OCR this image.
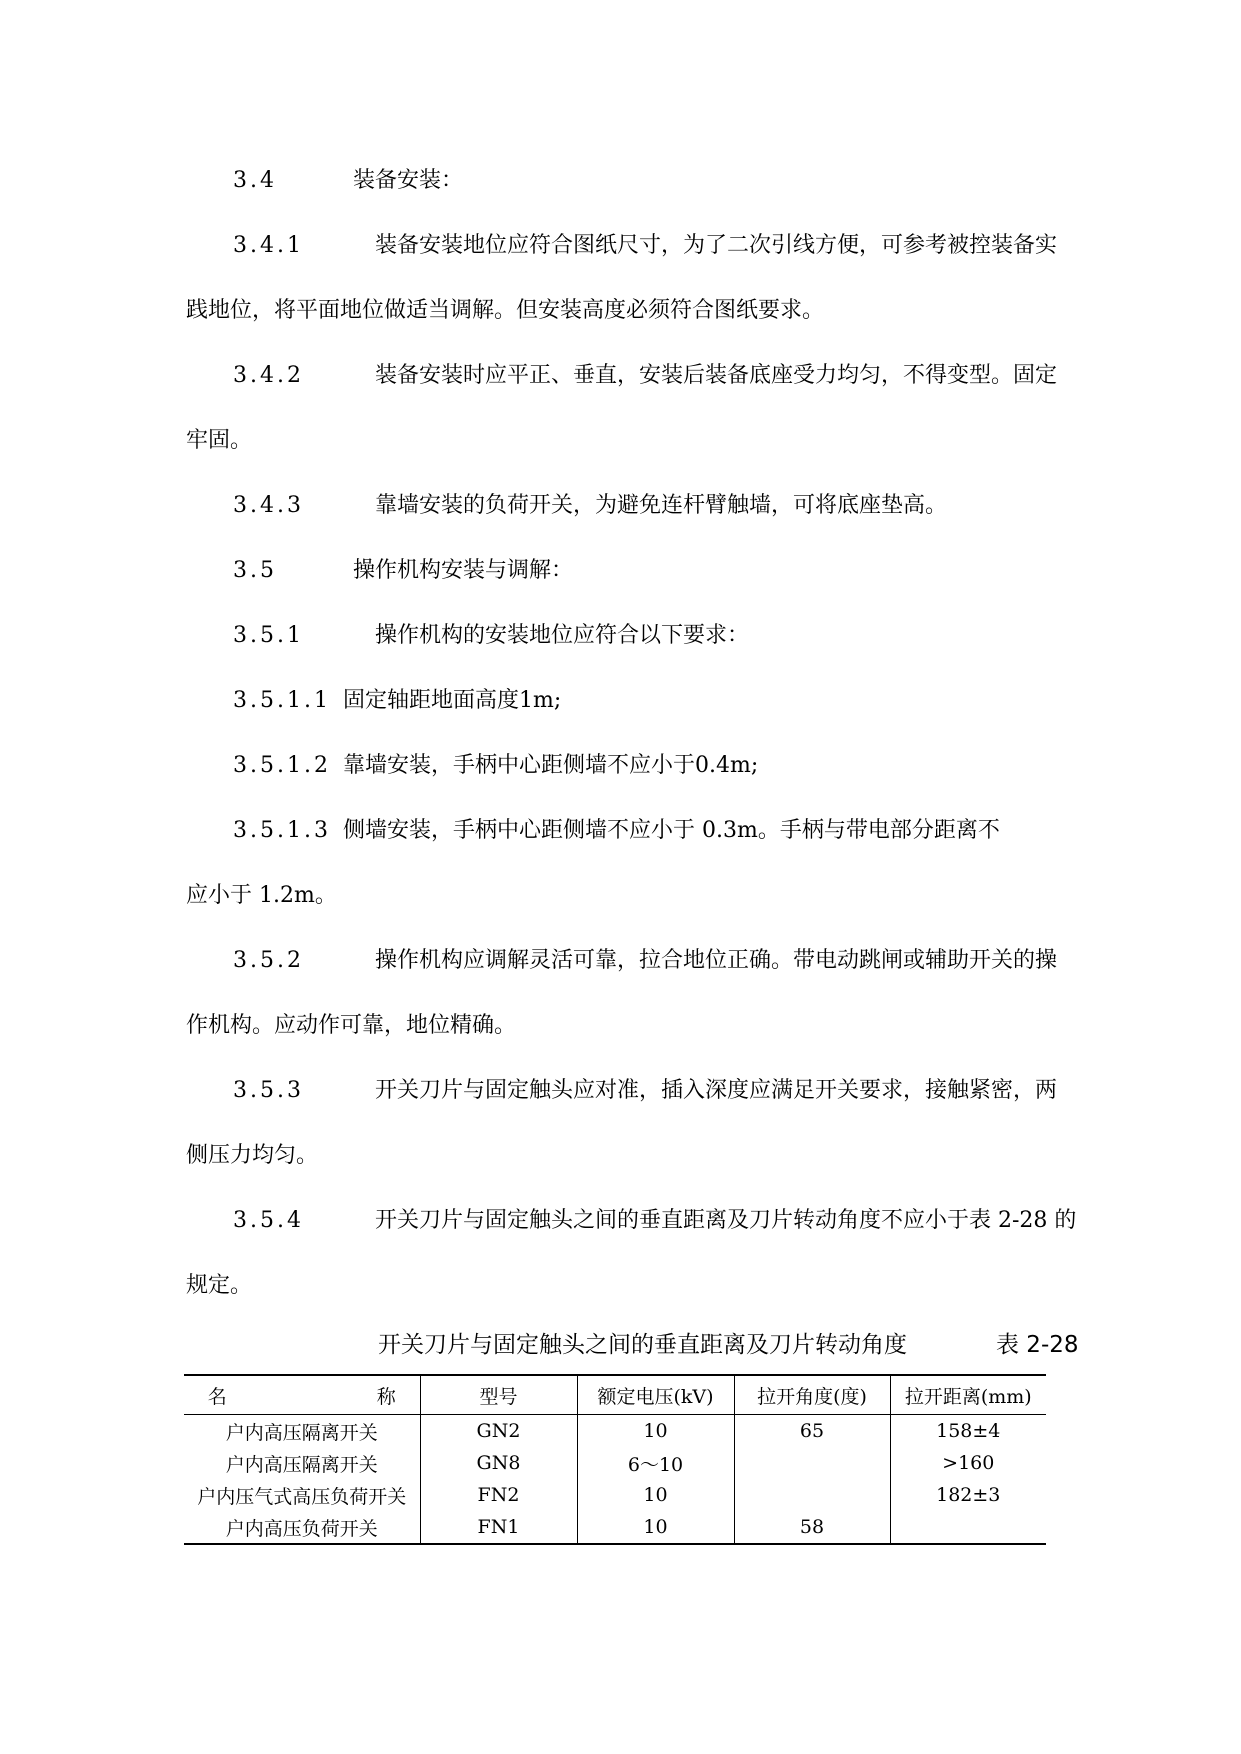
3.4	装备安装：
3.4.1	装备安装地位应符合图纸尺寸，为了二次引线方便，可参考被控装备实
践地位，将平面地位做适当调解。但安装高度必须符合图纸要求。
3.4.2	装备安装时应平正、垂直，安装后装备底座受力均匀，不得变型。固定
牢固。
3.4.3	靠墙安装的负荷开关，为避免连杆臂触墙，可将底座垫高。
3.5	操作机构安装与调解：
3.5.1	操作机构的安装地位应符合以下要求：
3.5.1.1 固定轴距地面高度1m;
3.5.1.2 靠墙安装，手柄中心距侧墙不应小于0.4m;
3.5.1.3 侧墙安装，手柄中心距侧墙不应小于 0.3m。手柄与带电部分距离不
应小于 1.2m。
3.5.2	操作机构应调解灵活可靠，拉合地位正确。带电动跳闸或辅助开关的操
作机构。应动作可靠，地位精确。
3.5.3	开关刀片与固定触头应对准，插入深度应满足开关要求，接触紧密，两
侧压力均匀。
3.5.4	开关刀片与固定触头之间的垂直距离及刀片转动角度不应小于表 2-28 的
规定。
开关刀片与固定触头之间的垂直距离及刀片转动角度	表 2-28
名 称	型号	额定电压(kV)	拉开角度(度)	拉开距离(mm)
户内高压隔离开关	GN2	10	65	158±4
户内高压隔离开关	GN8	6～10		>160
户内压气式高压负荷开关	FN2	10		182±3
户内高压负荷开关	FN1	10	58	
